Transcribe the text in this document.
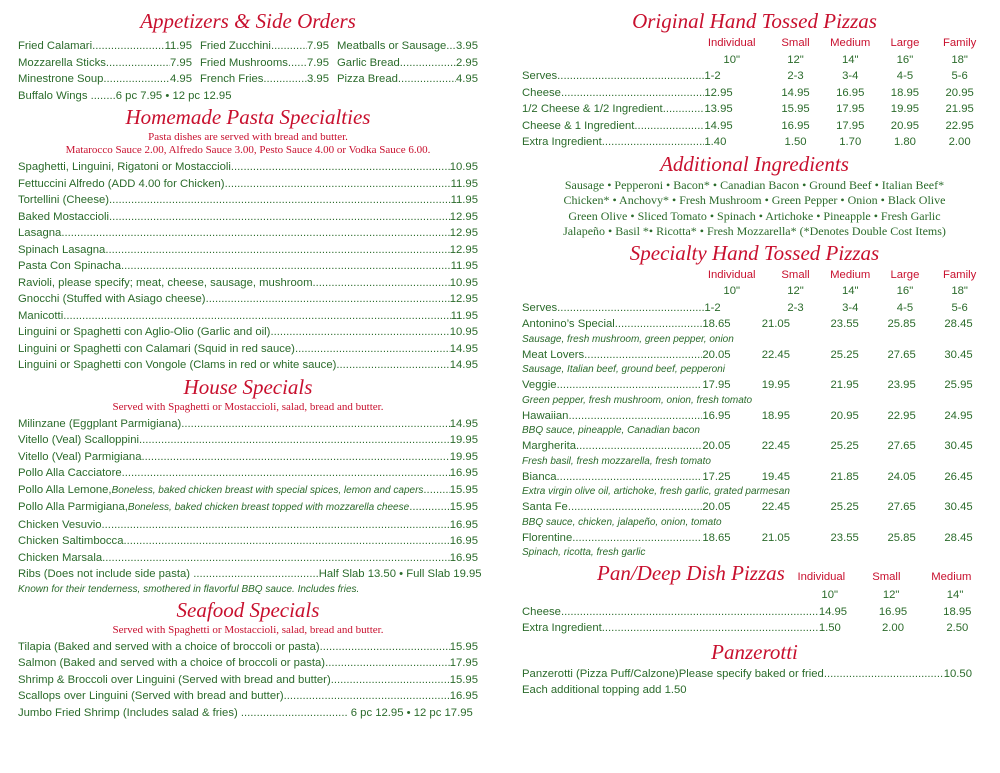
Appetizers & Side Orders
Fried Calamari .....	11.95 Fried Zucchini .....	7.95 Meatballs or Sausage ..... 3.95
Mozzarella Sticks .....	7.95 Fried Mushrooms ..... 7.95 Garlic Bread .....	2.95
Minestrone Soup .....	4.95 French Fries .....	3.95 Pizza Bread .....	4.95
Buffalo Wings ........6 pc 7.95 • 12 pc 12.95
Homemade Pasta Specialties
Pasta dishes are served with bread and butter.
Matarocco Sauce 2.00, Alfredo Sauce 3.00, Pesto Sauce 4.00 or Vodka Sauce 6.00.
Spaghetti, Linguini, Rigatoni or Mostaccioli .....	10.95
Fettuccini Alfredo (ADD 4.00 for Chicken) .....	11.95
Tortellini (Cheese) .....	11.95
Baked Mostaccioli .....	12.95
Lasagna .....	12.95
Spinach Lasagna .....	12.95
Pasta Con Spinacha .....	11.95
Ravioli, please specify; meat, cheese, sausage, mushroom .....	10.95
Gnocchi (Stuffed with Asiago cheese) .....	12.95
Manicotti .....	11.95
Linguini or Spaghetti con Aglio-Olio (Garlic and oil) .....	10.95
Linguini or Spaghetti con Calamari (Squid in red sauce) .....	14.95
Linguini or Spaghetti con Vongole (Clams in red or white sauce) .....	14.95
House Specials
Served with Spaghetti or Mostaccioli, salad, bread and butter.
Milinzane (Eggplant Parmigiana) .....	14.95
Vitello (Veal) Scalloppini .....	19.95
Vitello (Veal) Parmigiana .....	19.95
Pollo Alla Cacciatore .....	16.95
Pollo Alla Lemone, Boneless, baked chicken breast with special spices, lemon and capers ..... 15.95
Pollo Alla Parmigiana, Boneless, baked chicken breast topped with mozzarella cheese .....	15.95
Chicken Vesuvio .....	16.95
Chicken Saltimbocca .....	16.95
Chicken Marsala .....	16.95
Ribs (Does not include side pasta) ........................................Half Slab 13.50 • Full Slab 19.95
Known for their tenderness, smothered in flavorful BBQ sauce. Includes fries.
Seafood Specials
Served with Spaghetti or Mostaccioli, salad, bread and butter.
Tilapia (Baked and served with a choice of broccoli or pasta) .....	15.95
Salmon (Baked and served with a choice of broccoli or pasta) .....	17.95
Shrimp & Broccoli over Linguini (Served with bread and butter) .....	15.95
Scallops over Linguini (Served with bread and butter) .....	16.95
Jumbo Fried Shrimp (Includes salad & fries) .................................. 6 pc 12.95 • 12 pc 17.95
Original Hand Tossed Pizzas
Individual	Small	Medium	Large	Family
10"	12"	14"	16"	18"
Serves .....	1-2	2-3	3-4	4-5	5-6
Cheese .....	12.95	14.95	16.95	18.95	20.95
1/2 Cheese & 1/2 Ingredient .....	13.95	15.95	17.95	19.95	21.95
Cheese & 1 Ingredient .....	14.95	16.95	17.95	20.95	22.95
Extra Ingredient .....	1.40	1.50	1.70	1.80	2.00
Additional Ingredients
Sausage • Pepperoni • Bacon* • Canadian Bacon • Ground Beef • Italian Beef*
Chicken* • Anchovy* • Fresh Mushroom • Green Pepper • Onion • Black Olive
Green Olive • Sliced Tomato • Spinach • Artichoke • Pineapple • Fresh Garlic
Jalapeño • Basil *• Ricotta* • Fresh Mozzarella* (*Denotes Double Cost Items)
Specialty Hand Tossed Pizzas
Individual	Small	Medium	Large	Family
10"	12"	14"	16"	18"
Serves .....	1-2	2-3	3-4	4-5	5-6
Antonino’s Special .....	18.65	21.05	23.55	25.85	28.45
Sausage, fresh mushroom, green pepper, onion
Meat Lovers .....	20.05	22.45	25.25	27.65	30.45
Sausage, Italian beef, ground beef, pepperoni
Veggie .....	17.95	19.95	21.95	23.95	25.95
Green pepper, fresh mushroom, onion, fresh tomato
Hawaiian .....	16.95	18.95	20.95	22.95	24.95
BBQ sauce, pineapple, Canadian bacon
Margherita .....	20.05	22.45	25.25	27.65	30.45
Fresh basil, fresh mozzarella, fresh tomato
Bianca .....	17.25	19.45	21.85	24.05	26.45
Extra virgin olive oil, artichoke, fresh garlic, grated parmesan
Santa Fe .....	20.05	22.45	25.25	27.65	30.45
BBQ sauce, chicken, jalapeño, onion, tomato
Florentine .....	18.65	21.05	23.55	25.85	28.45
Spinach, ricotta, fresh garlic
Pan/Deep Dish Pizzas	Individual	Small	Medium
10"	12"	14"
Cheese .....	14.95	16.95	18.95
Extra Ingredient .....	1.50	2.00	2.50
Panzerotti
Panzerotti (Pizza Puff/Calzone)Please specify baked or fried .....	10.50
Each additional topping add 1.50
